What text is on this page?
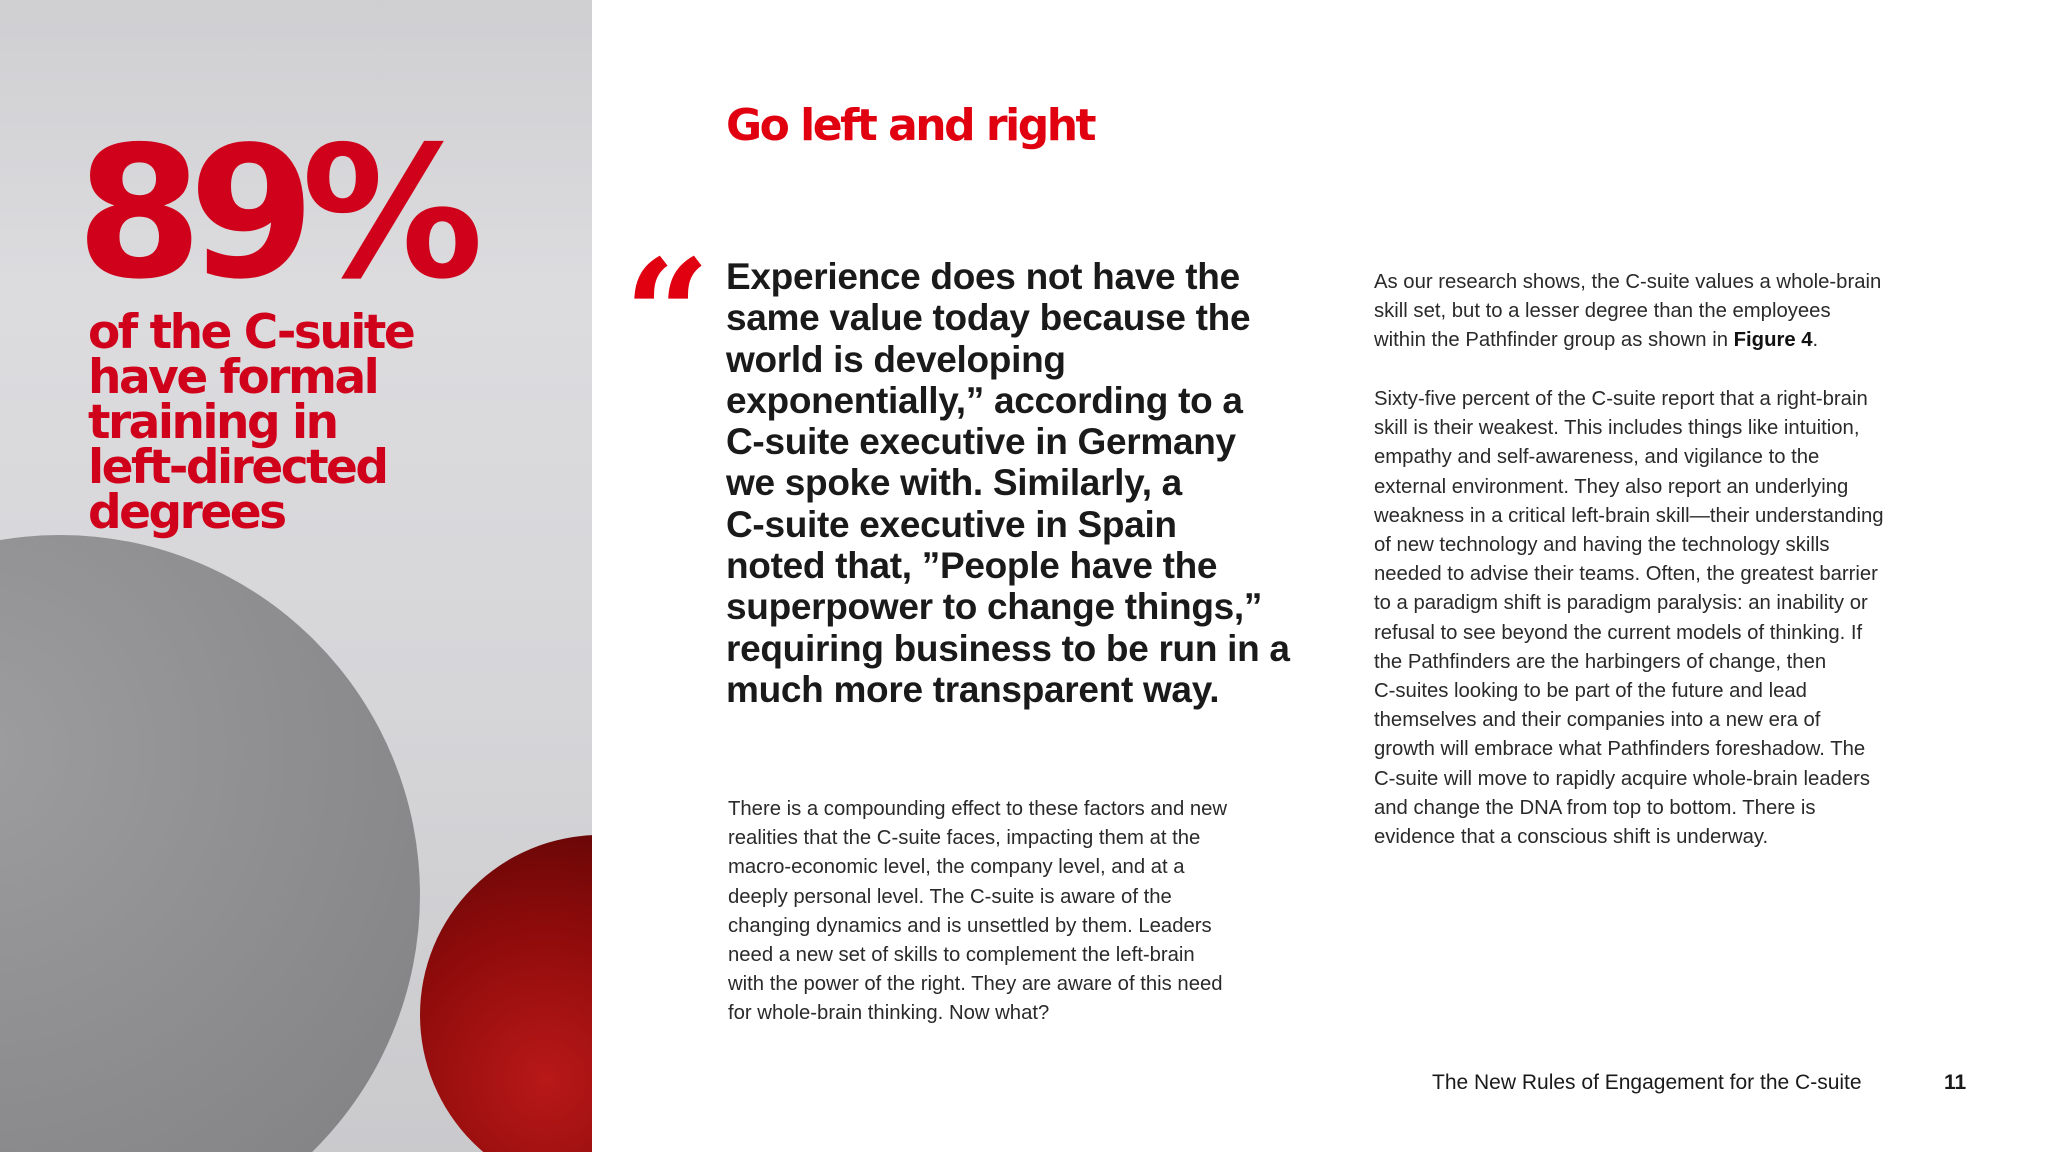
89%

of the C-suite
have formal
training in
left-directed
degrees

Go left and right
“ Experience does not have the
same value today because the
world is developing
exponentially,” according to a
C-suite executive in Germany
we spoke with. Similarly, a
C-suite executive in Spain
noted that, ”People have the
superpower to change things,”
requiring business to be run in a
much more transparent way.

There is a compounding effect to these factors and new
realities that the C-suite faces, impacting them at the
macro-economic level, the company level, and at a
deeply personal level. The C-suite is aware of the
changing dynamics and is unsettled by them. Leaders
need a new set of skills to complement the left-brain
with the power of the right. They are aware of this need
for whole-brain thinking. Now what?

As our research shows, the C-suite values a whole-brain
skill set, but to a lesser degree than the employees
within the Pathfinder group as shown in Figure 4.

Sixty-five percent of the C-suite report that a right-brain
skill is their weakest. This includes things like intuition,
empathy and self-awareness, and vigilance to the
external environment. They also report an underlying
weakness in a critical left-brain skill—their understanding
of new technology and having the technology skills
needed to advise their teams. Often, the greatest barrier
to a paradigm shift is paradigm paralysis: an inability or
refusal to see beyond the current models of thinking. If
the Pathfinders are the harbingers of change, then
C-suites looking to be part of the future and lead
themselves and their companies into a new era of
growth will embrace what Pathfinders foreshadow. The
C-suite will move to rapidly acquire whole-brain leaders
and change the DNA from top to bottom. There is
evidence that a conscious shift is underway.

The New Rules of Engagement for the C-suite	11
